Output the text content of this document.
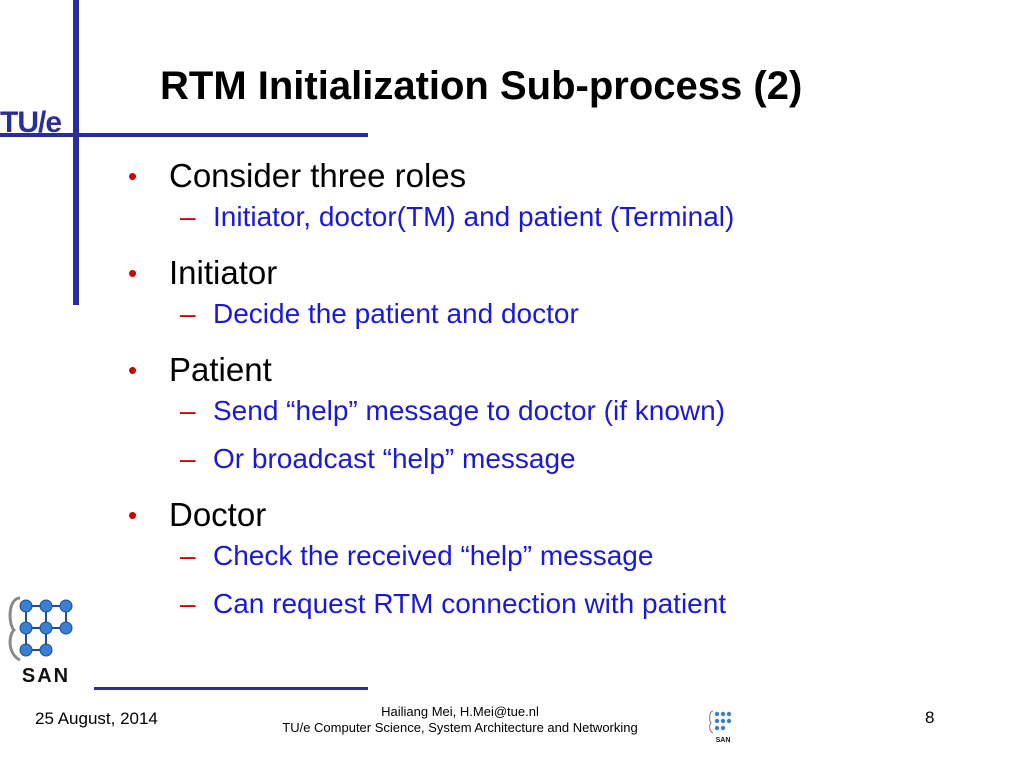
TU/e
RTM Initialization Sub-process (2)
• Consider three roles
– Initiator, doctor(TM) and patient (Terminal)
• Initiator
– Decide the patient and doctor
• Patient
– Send “help” message to doctor (if known)
– Or broadcast “help” message
• Doctor
– Check the received “help” message
– Can request RTM connection with patient
SAN
25 August, 2014	Hailiang Mei, H.Mei@tue.nl
TU/e Computer Science, System Architecture and Networking
SAN
8
